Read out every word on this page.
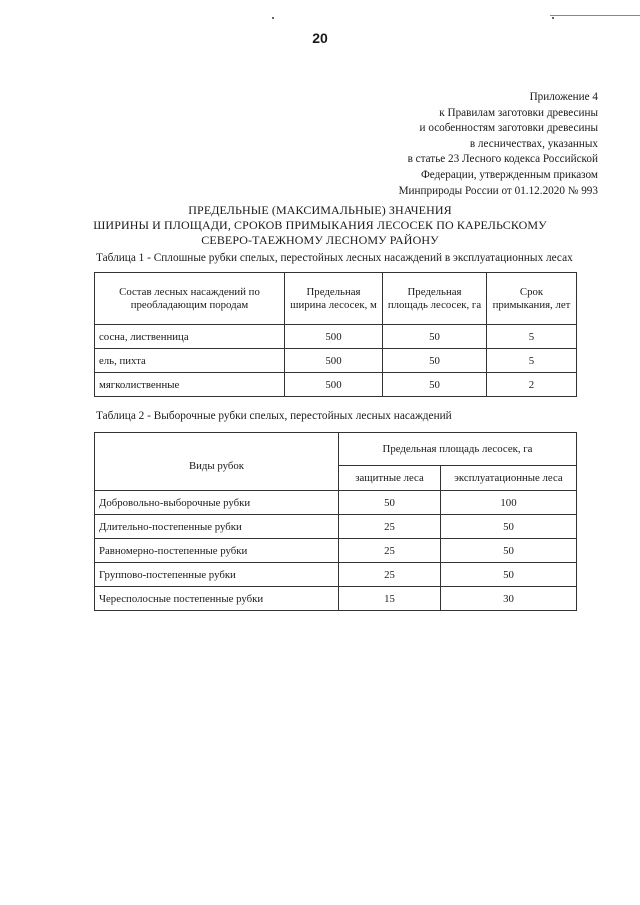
20
Приложение 4
к Правилам заготовки древесины
и особенностям заготовки древесины
в лесничествах, указанных
в статье 23 Лесного кодекса Российской
Федерации, утвержденным приказом
Минприроды России от 01.12.2020 № 993
ПРЕДЕЛЬНЫЕ (МАКСИМАЛЬНЫЕ) ЗНАЧЕНИЯ
ШИРИНЫ И ПЛОЩАДИ, СРОКОВ ПРИМЫКАНИЯ ЛЕСОСЕК ПО КАРЕЛЬСКОМУ
СЕВЕРО-ТАЕЖНОМУ ЛЕСНОМУ РАЙОНУ
Таблица 1 - Сплошные рубки спелых, перестойных лесных насаждений в эксплуатационных лесах
Состав лесных насаждений по преобладающим породам	Предельная ширина лесосек, м	Предельная площадь лесосек, га	Срок примыкания, лет
сосна, лиственница	500	50	5
ель, пихта	500	50	5
мягколиственные	500	50	2
Таблица 2 - Выборочные рубки спелых, перестойных лесных насаждений
Виды рубок	Предельная площадь лесосек, га	
	защитные леса	эксплуатационные леса
Добровольно-выборочные рубки	50	100
Длительно-постепенные рубки	25	50
Равномерно-постепенные рубки	25	50
Группово-постепенные рубки	25	50
Чересполосные постепенные рубки	15	30
